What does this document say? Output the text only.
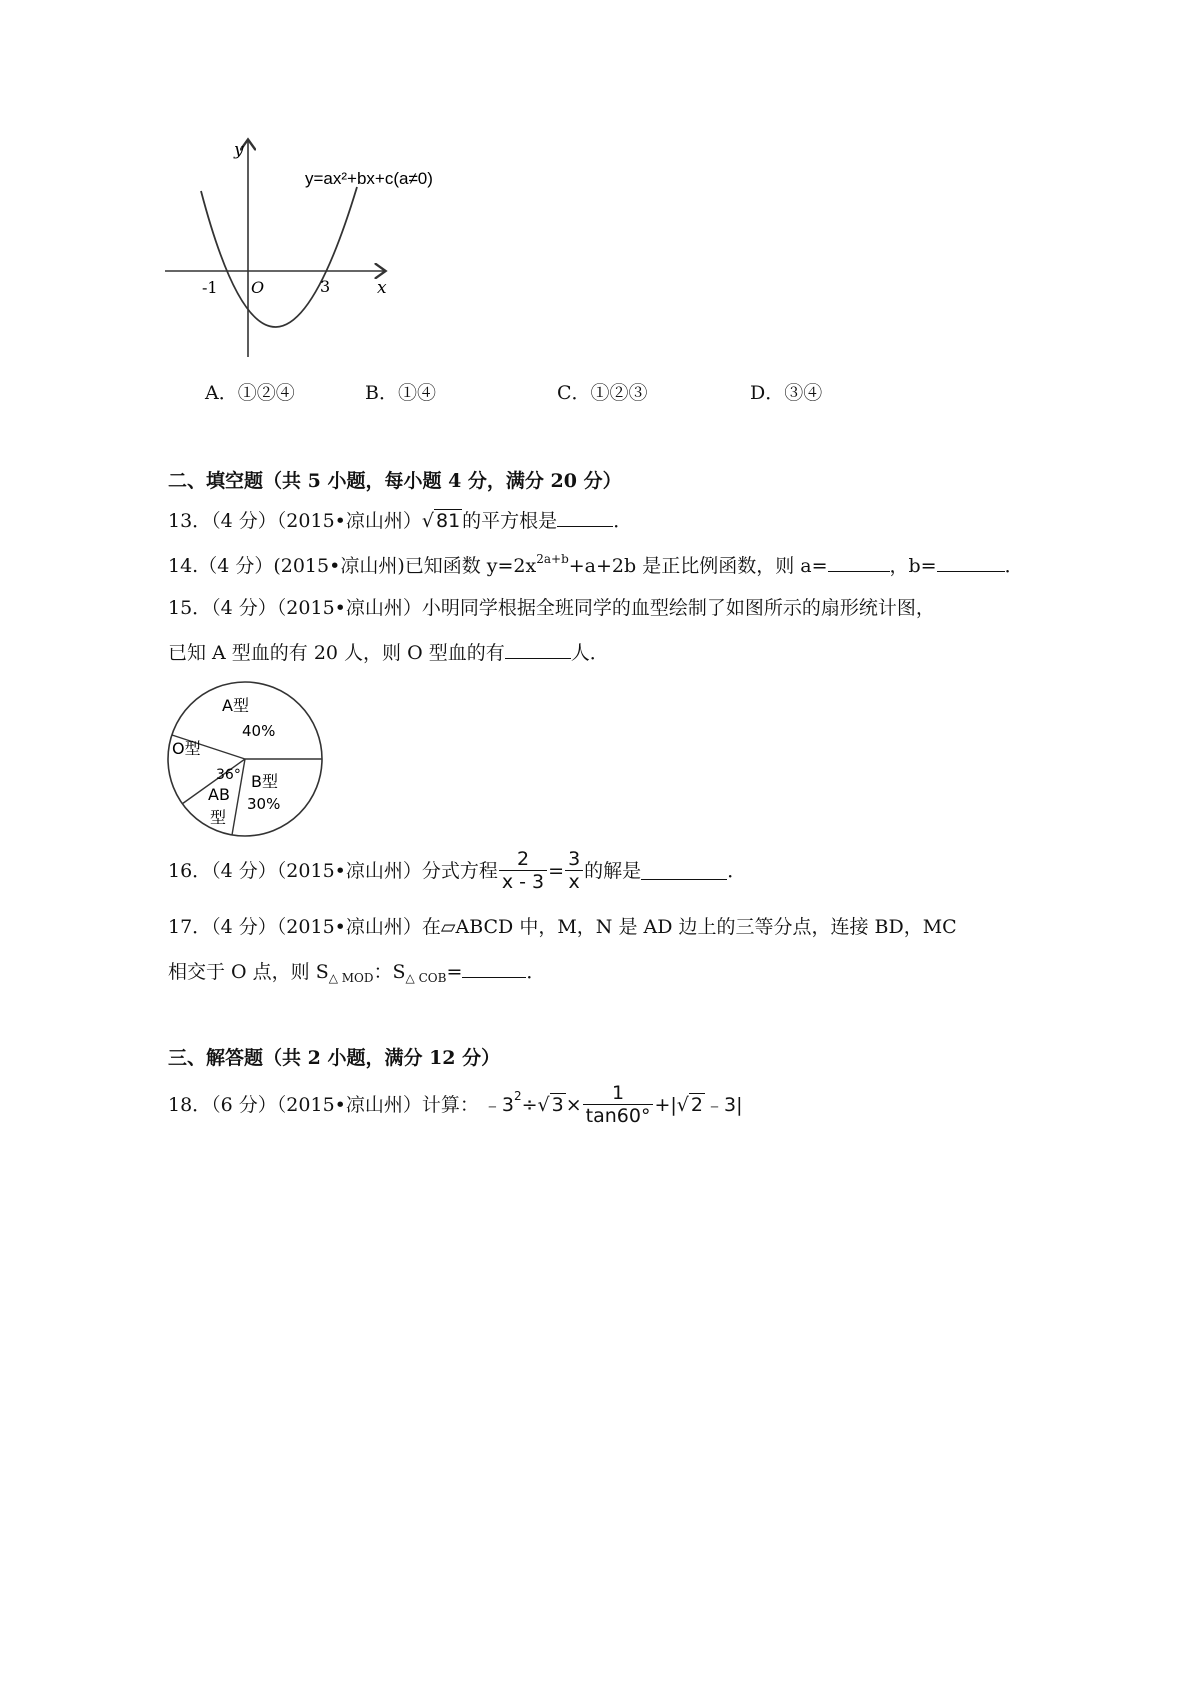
y
x
y=ax²+bx+c(a≠0)
-1 O	3
A．①②④	B．①④	C．①②③	D．③④
二、填空题（共 5 小题，每小题 4 分，满分 20 分）
13．（4 分）（2015•凉山州）√ 81 的平方根是	．
14.（4 分）(2015•凉山州)已知函数 $y=2x^{2a+b}+a+2b$ 是正比例函数，则 a=	，b=	．
15．（4 分）（2015•凉山州）小明同学根据全班同学的血型绘制了如图所示的扇形统计图，
已知 A 型血的有 20 人，则 O 型血的有	人．
A型
40%
O型
36°
AB
型
B型
30%
16．（4 分）（2015•凉山州）分式方程 $\frac{2}{x - 3} = \frac{3}{x}$ 的解是	．
17．（4 分）（2015•凉山州）在▱ABCD 中，M，N 是 AD 边上的三等分点，连接 BD，MC
相交于 O 点，则 $S_{\triangle MOD}$：$S_{\triangle COB}=$	．
三、解答题（共 2 小题，满分 12 分）
18．（6 分）（2015•凉山州）计算： ﹣3 2 ÷ √ $3 \times \frac{1}{\tan 60^\circ}$ +| √ 2 ﹣3|
